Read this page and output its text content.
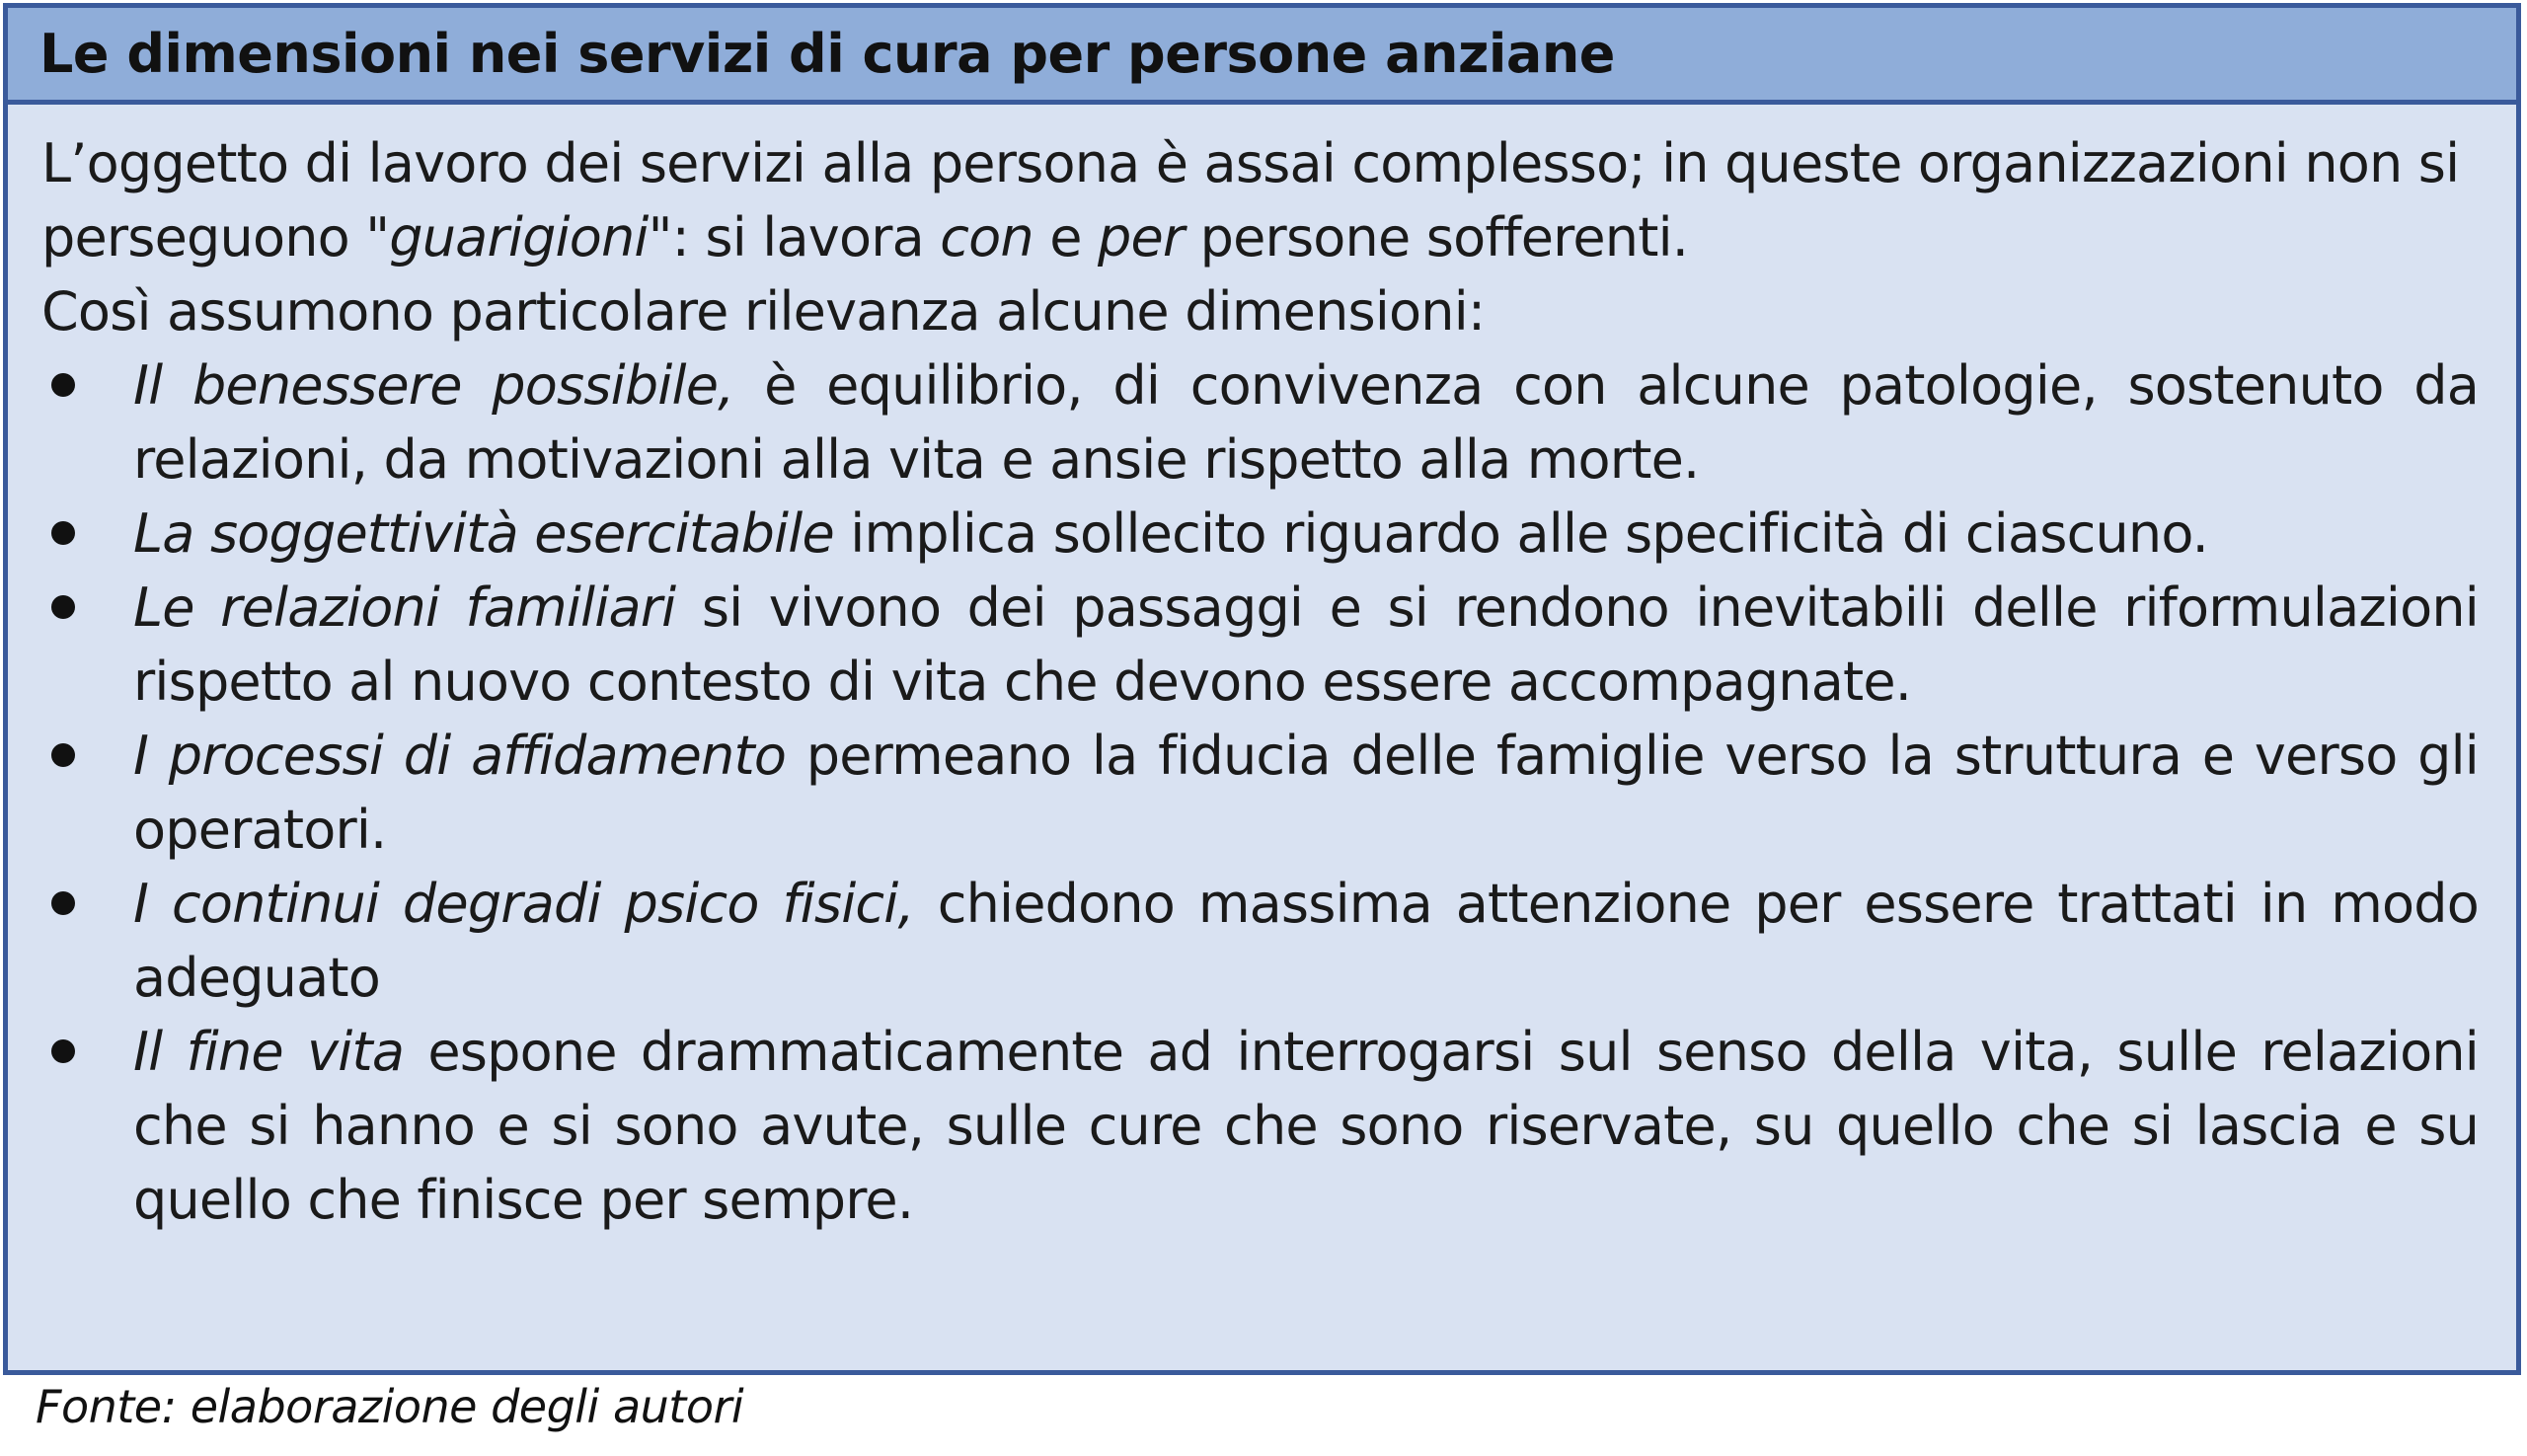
Le dimensioni nei servizi di cura per persone anziane

L’oggetto di lavoro dei servizi alla persona è assai complesso; in queste organizzazioni non si perseguono "guarigioni": si lavora con e per persone sofferenti.

Così assumono particolare rilevanza alcune dimensioni:

Il benessere possibile, è equilibrio, di convivenza con alcune patologie, sostenuto da relazioni, da motivazioni alla vita e ansie rispetto alla morte.
La soggettività esercitabile implica sollecito riguardo alle specificità di ciascuno.
Le relazioni familiari si vivono dei passaggi e si rendono inevitabili delle riformulazioni rispetto al nuovo contesto di vita che devono essere accompagnate.
I processi di affidamento permeano la fiducia delle famiglie verso la struttura e verso gli operatori.
I continui degradi psico fisici, chiedono massima attenzione per essere trattati in modo adeguato
Il fine vita espone drammaticamente ad interrogarsi sul senso della vita, sulle relazioni che si hanno e si sono avute, sulle cure che sono riservate, su quello che si lascia e su quello che finisce per sempre.
Fonte: elaborazione degli autori
